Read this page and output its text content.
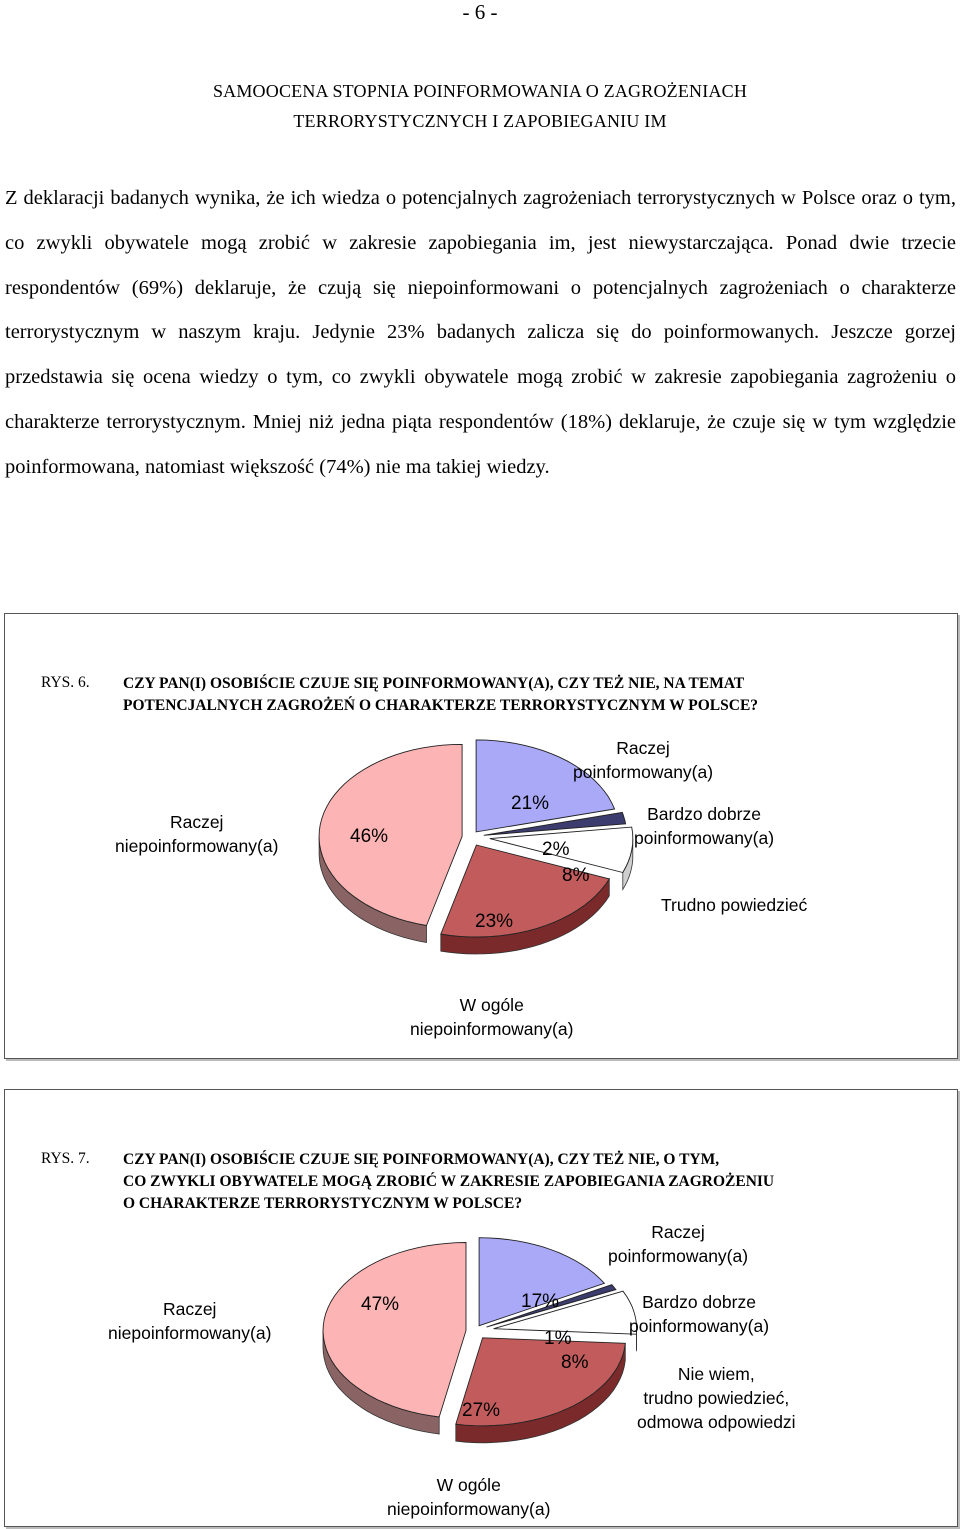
- 6 -
SAMOOCENA STOPNIA POINFORMOWANIA O ZAGROŻENIACH
TERRORYSTYCZNYCH I ZAPOBIEGANIU IM
Z deklaracji badanych wynika, że ich wiedza o potencjalnych zagrożeniach terrorystycznych w Polsce oraz o tym, co zwykli obywatele mogą zrobić w zakresie zapobiegania im, jest niewystarczająca. Ponad dwie trzecie respondentów (69%) deklaruje, że czują się niepoinformowani o potencjalnych zagrożeniach o charakterze terrorystycznym w naszym kraju. Jedynie 23% badanych zalicza się do poinformowanych. Jeszcze gorzej przedstawia się ocena wiedzy o tym, co zwykli obywatele mogą zrobić w zakresie zapobiegania zagrożeniu o charakterze terrorystycznym. Mniej niż jedna piąta respondentów (18%) deklaruje, że czuje się w tym względzie poinformowana, natomiast większość (74%) nie ma takiej wiedzy.
RYS. 6. CZY PAN(I) OSOBIŚCIE CZUJE SIĘ POINFORMOWANY(A), CZY TEŻ NIE, NA TEMAT
POTENCJALNYCH ZAGROŻEŃ O CHARAKTERZE TERRORYSTYCZNYM W POLSCE?
Raczej
niepoinformowany(a)
Raczej
poinformowany(a)
Bardzo dobrze
poinformowany(a)
Trudno powiedzieć
W ogóle
niepoinformowany(a)
46%
21%
2%
8%
23%
RYS. 7. CZY PAN(I) OSOBIŚCIE CZUJE SIĘ POINFORMOWANY(A), CZY TEŻ NIE, O TYM,
CO ZWYKLI OBYWATELE MOGĄ ZROBIĆ W ZAKRESIE ZAPOBIEGANIA ZAGROŻENIU
O CHARAKTERZE TERRORYSTYCZNYM W POLSCE?
Raczej
niepoinformowany(a)
Raczej
poinformowany(a)
Bardzo dobrze
poinformowany(a)
Nie wiem,
trudno powiedzieć,
odmowa odpowiedzi
W ogóle
niepoinformowany(a)
47%	17%
1%
8%
27%
